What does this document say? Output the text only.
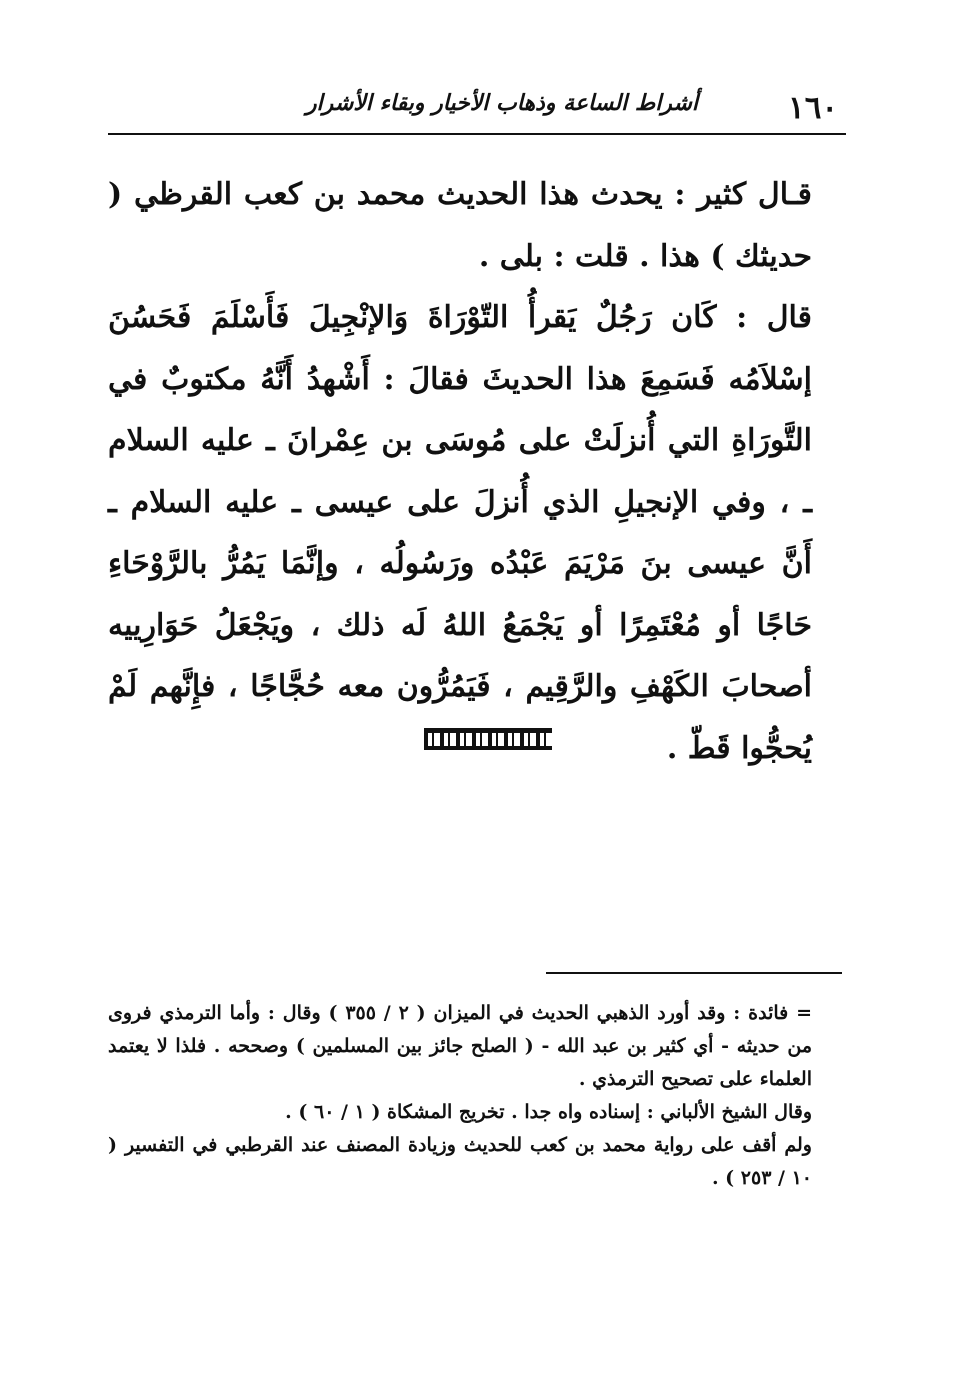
١٦٠
أشراط الساعة وذهاب الأخيار وبقاء الأشرار

قـال كثير : يحدث هذا الحديث محمد بن كعب القرظي ( حديثك ) هذا . قلت : بلى .

قال : كَان رَجُلٌ يَقرأُ التّوْرَاةَ وَالإنْجِيلَ فَأَسْلَمَ فَحَسُنَ إسْلاَمُه فَسَمِعَ هذا الحديثَ فقالَ : أَشْهدُ أَنَّهُ مكتوبٌ في التَّورَاةِ التي أُنزلَتْ على مُوسَى بن عِمْرانَ ـ عليه السلام ـ ، وفي الإنجيلِ الذي أُنزلَ على عيسى ـ عليه السلام ـ أَنَّ عيسى بنَ مَرْيَمَ عَبْدُه ورَسُولُه ، وإنَّمَا يَمُرُّ بالرَّوْحَاءِ حَاجًا أو مُعْتَمِرًا أو يَجْمَعُ اللهُ لَه ذلك ، ويَجْعَلُ حَوَارِييه أصحابَ الكَهْفِ والرَّقِيم ، فَيَمُرُّون معه حُجَّاجًا ، فإِنَّهم لَمْ يُحجُّوا قَطّ .

= فائدة : وقد أورد الذهبي الحديث في الميزان ( ٢ / ٣٥٥ ) وقال : وأما الترمذي فروى من حديثه - أي كثير بن عبد الله - ( الصلح جائز بين المسلمين ) وصححه . فلذا لا يعتمد العلماء على تصحيح الترمذي .

وقال الشيخ الألباني : إسناده واه جدا . تخريج المشكاة ( ١ / ٦٠ ) .

ولم أقف على رواية محمد بن كعب للحديث وزيادة المصنف عند القرطبي في التفسير ( ١٠ / ٢٥٣ ) .
